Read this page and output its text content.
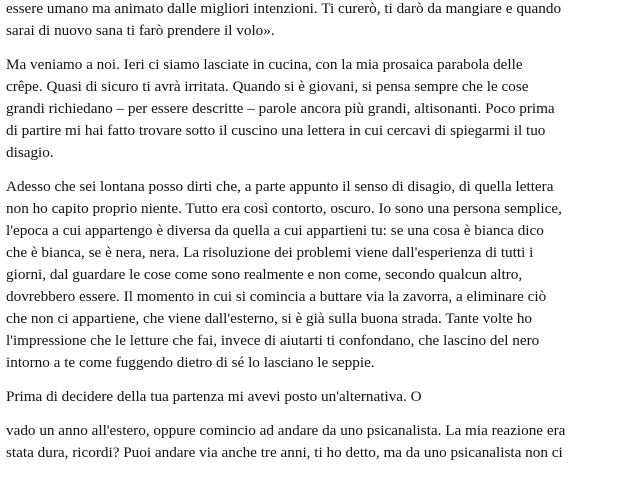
essere umano ma animato dalle migliori intenzioni. Ti curerò, ti darò da mangiare e quando
sarai di nuovo sana ti farò prendere il volo».

Ma veniamo a noi. Ieri ci siamo lasciate in cucina, con la mia prosaica parabola delle
crêpe. Quasi di sicuro ti avrà irritata. Quando si è giovani, si pensa sempre che le cose
grandi richiedano – per essere descritte – parole ancora più grandi, altisonanti. Poco prima
di partire mi hai fatto trovare sotto il cuscino una lettera in cui cercavi di spiegarmi il tuo
disagio.

Adesso che sei lontana posso dirti che, a parte appunto il senso di disagio, di quella lettera
non ho capito proprio niente. Tutto era così contorto, oscuro. Io sono una persona semplice,
l'epoca a cui appartengo è diversa da quella a cui appartieni tu: se una cosa è bianca dico
che è bianca, se è nera, nera. La risoluzione dei problemi viene dall'esperienza di tutti i
giorni, dal guardare le cose come sono realmente e non come, secondo qualcun altro,
dovrebbero essere. Il momento in cui si comincia a buttare via la zavorra, a eliminare ciò
che non ci appartiene, che viene dall'esterno, si è già sulla buona strada. Tante volte ho
l'impressione che le letture che fai, invece di aiutarti ti confondano, che lascino del nero
intorno a te come fuggendo dietro di sé lo lasciano le seppie.

Prima di decidere della tua partenza mi avevi posto un'alternativa. O

vado un anno all'estero, oppure comincio ad andare da uno psicanalista. La mia reazione era
stata dura, ricordi? Puoi andare via anche tre anni, ti ho detto, ma da uno psicanalista non ci
